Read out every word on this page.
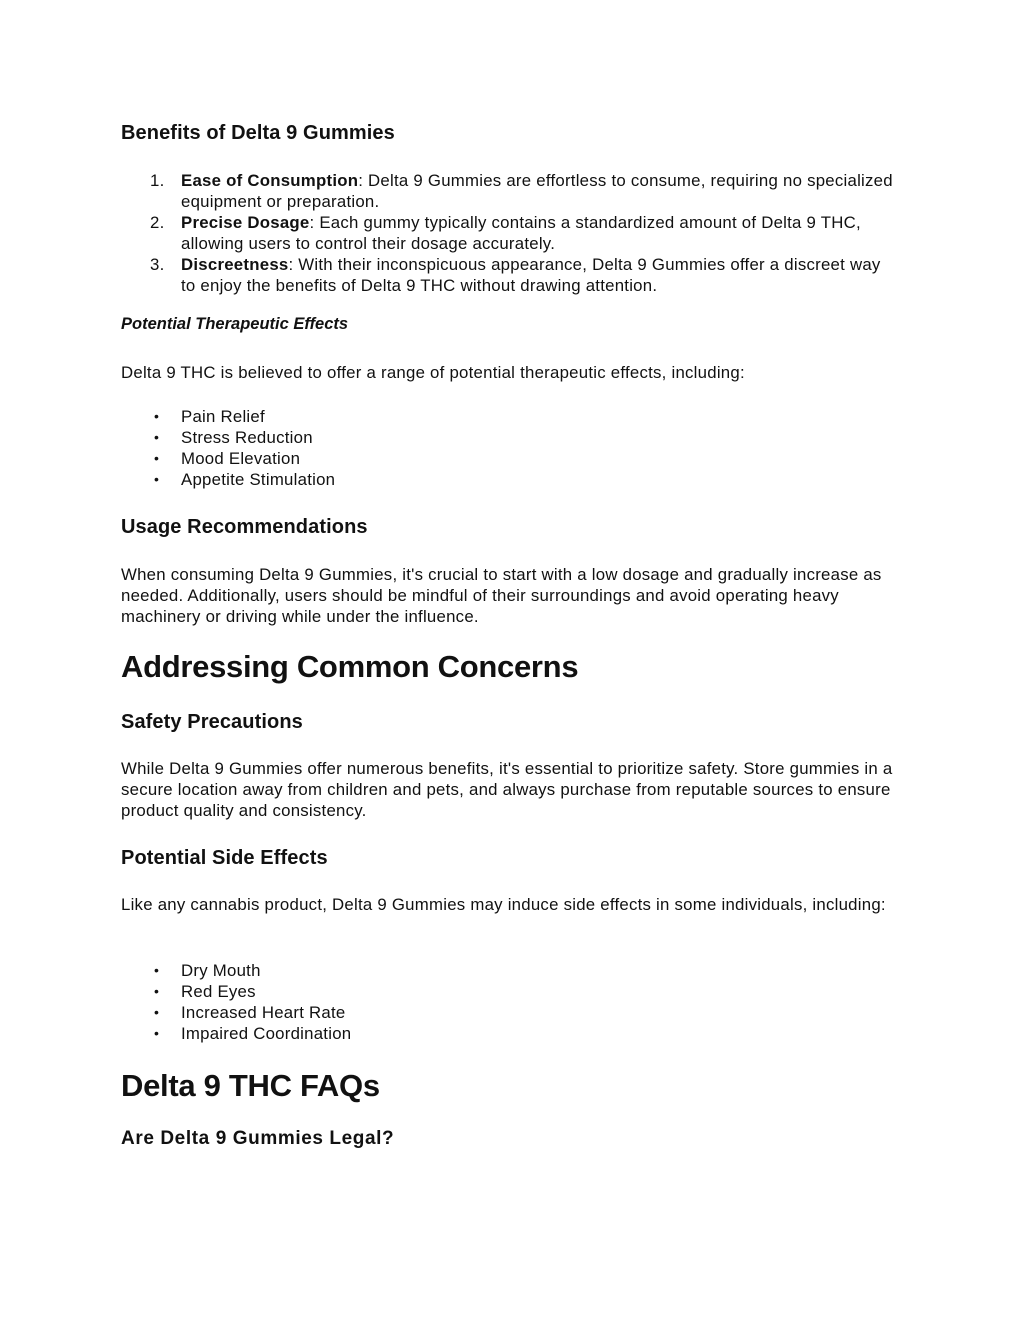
Benefits of Delta 9 Gummies
1. Ease of Consumption: Delta 9 Gummies are effortless to consume, requiring no specialized equipment or preparation.
2. Precise Dosage: Each gummy typically contains a standardized amount of Delta 9 THC, allowing users to control their dosage accurately.
3. Discreetness: With their inconspicuous appearance, Delta 9 Gummies offer a discreet way to enjoy the benefits of Delta 9 THC without drawing attention.
Potential Therapeutic Effects

Delta 9 THC is believed to offer a range of potential therapeutic effects, including:

• Pain Relief
• Stress Reduction
• Mood Elevation
• Appetite Stimulation
Usage Recommendations

When consuming Delta 9 Gummies, it's crucial to start with a low dosage and gradually increase as needed. Additionally, users should be mindful of their surroundings and avoid operating heavy machinery or driving while under the influence.

Addressing Common Concerns
Safety Precautions

While Delta 9 Gummies offer numerous benefits, it's essential to prioritize safety. Store gummies in a secure location away from children and pets, and always purchase from reputable sources to ensure product quality and consistency.

Potential Side Effects

Like any cannabis product, Delta 9 Gummies may induce side effects in some individuals, including:

• Dry Mouth
• Red Eyes
• Increased Heart Rate
• Impaired Coordination
Delta 9 THC FAQs
Are Delta 9 Gummies Legal?
